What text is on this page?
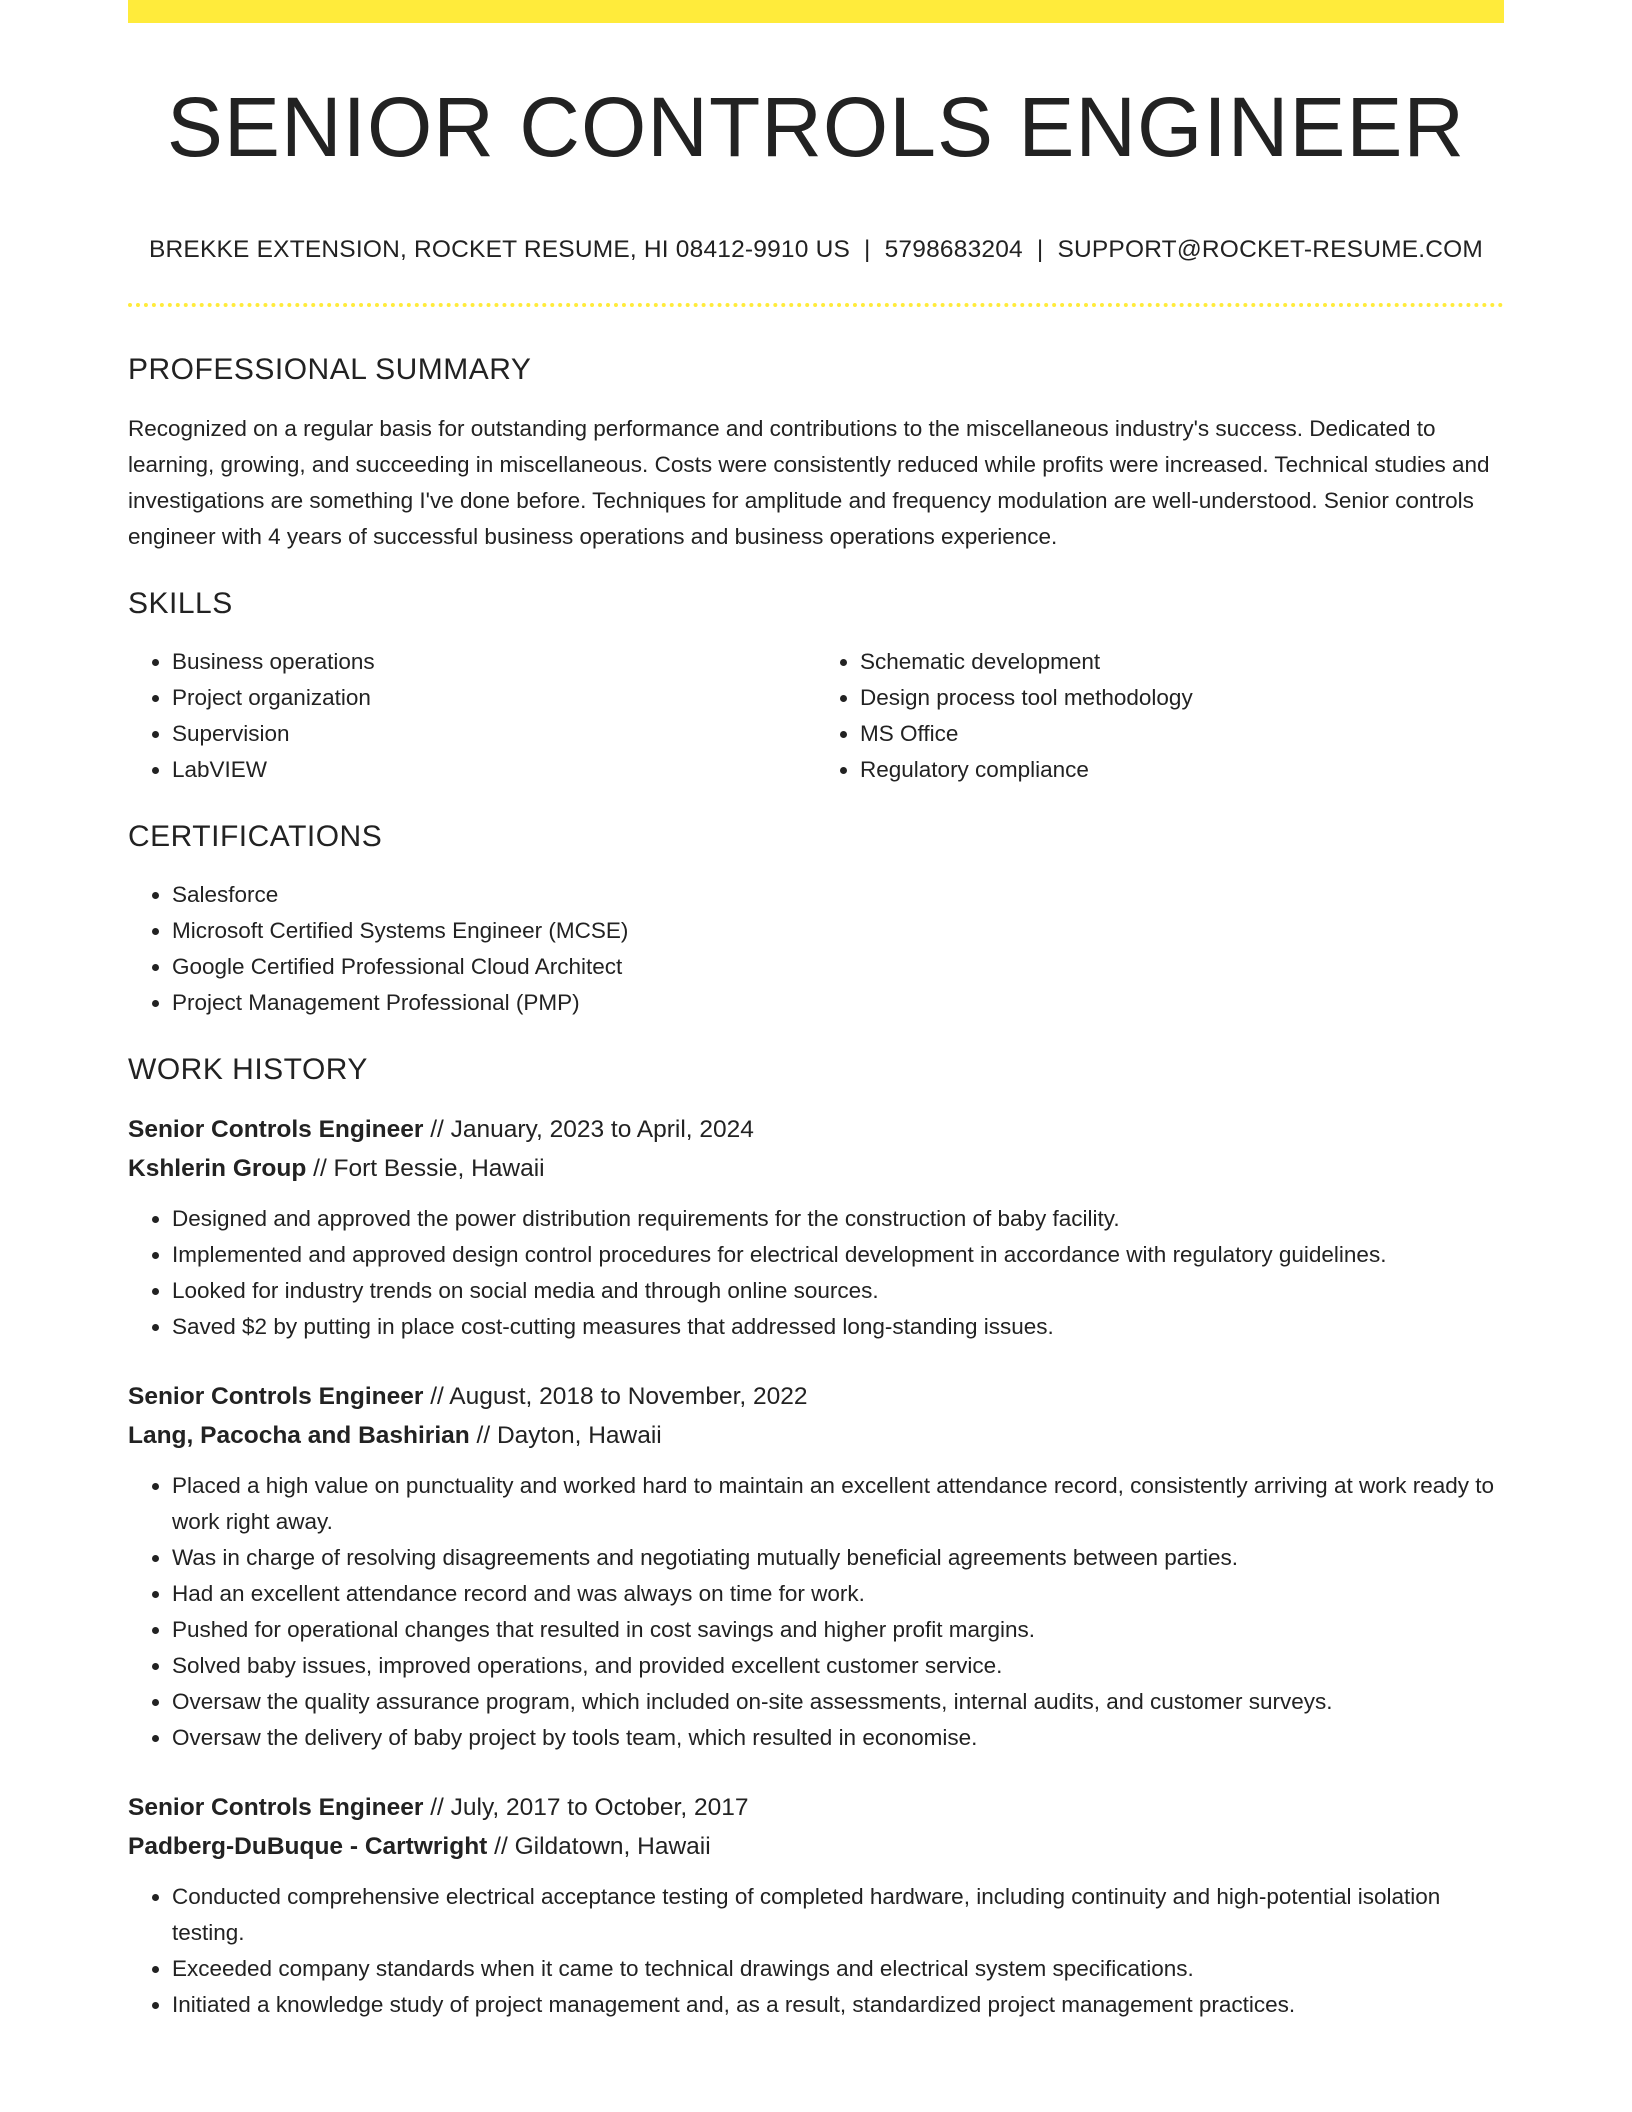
SENIOR CONTROLS ENGINEER
BREKKE EXTENSION, ROCKET RESUME, HI 08412-9910 US | 5798683204 | SUPPORT@ROCKET-RESUME.COM
PROFESSIONAL SUMMARY
Recognized on a regular basis for outstanding performance and contributions to the miscellaneous industry's success. Dedicated to learning, growing, and succeeding in miscellaneous. Costs were consistently reduced while profits were increased. Technical studies and investigations are something I've done before. Techniques for amplitude and frequency modulation are well-understood. Senior controls engineer with 4 years of successful business operations and business operations experience.
SKILLS
• Business operations
• Project organization
• Supervision
• LabVIEW
• Schematic development
• Design process tool methodology
• MS Office
• Regulatory compliance
CERTIFICATIONS
• Salesforce
• Microsoft Certified Systems Engineer (MCSE)
• Google Certified Professional Cloud Architect
• Project Management Professional (PMP)
WORK HISTORY
Senior Controls Engineer // January, 2023 to April, 2024
Kshlerin Group // Fort Bessie, Hawaii
• Designed and approved the power distribution requirements for the construction of baby facility.
• Implemented and approved design control procedures for electrical development in accordance with regulatory guidelines.
• Looked for industry trends on social media and through online sources.
• Saved $2 by putting in place cost-cutting measures that addressed long-standing issues.
Senior Controls Engineer // August, 2018 to November, 2022
Lang, Pacocha and Bashirian // Dayton, Hawaii
• Placed a high value on punctuality and worked hard to maintain an excellent attendance record, consistently arriving at work ready to work right away.
• Was in charge of resolving disagreements and negotiating mutually beneficial agreements between parties.
• Had an excellent attendance record and was always on time for work.
• Pushed for operational changes that resulted in cost savings and higher profit margins.
• Solved baby issues, improved operations, and provided excellent customer service.
• Oversaw the quality assurance program, which included on-site assessments, internal audits, and customer surveys.
• Oversaw the delivery of baby project by tools team, which resulted in economise.
Senior Controls Engineer // July, 2017 to October, 2017
Padberg-DuBuque - Cartwright // Gildatown, Hawaii
• Conducted comprehensive electrical acceptance testing of completed hardware, including continuity and high-potential isolation testing.
• Exceeded company standards when it came to technical drawings and electrical system specifications.
• Initiated a knowledge study of project management and, as a result, standardized project management practices.
